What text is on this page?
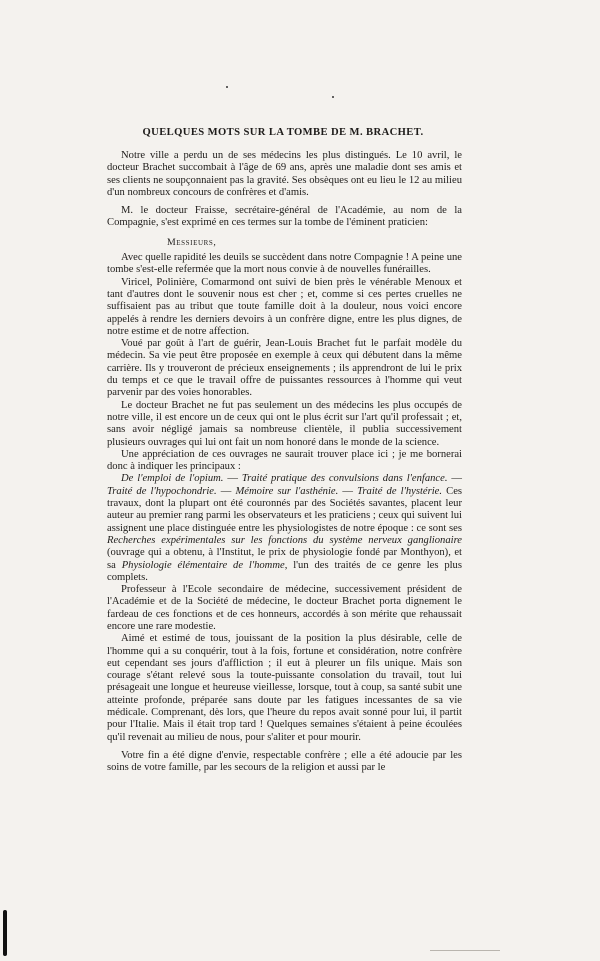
QUELQUES MOTS SUR LA TOMBE DE M. BRACHET.

Notre ville a perdu un de ses médecins les plus distingués. Le 10 avril, le docteur Brachet succombait à l'âge de 69 ans, après une maladie dont ses amis et ses clients ne soupçonnaient pas la gravité. Ses obsèques ont eu lieu le 12 au milieu d'un nombreux concours de confrères et d'amis.

M. le docteur Fraisse, secrétaire-général de l'Académie, au nom de la Compagnie, s'est exprimé en ces termes sur la tombe de l'éminent praticien:

Messieurs,

Avec quelle rapidité les deuils se succèdent dans notre Compagnie ! A peine une tombe s'est-elle refermée que la mort nous convie à de nouvelles funérailles.

Viricel, Polinière, Comarmond ont suivi de bien près le vénérable Menoux et tant d'autres dont le souvenir nous est cher ; et, comme si ces pertes cruelles ne suffisaient pas au tribut que toute famille doit à la douleur, nous voici encore appelés à rendre les derniers devoirs à un confrère digne, entre les plus dignes, de notre estime et de notre affection.

Voué par goût à l'art de guérir, Jean-Louis Brachet fut le parfait modèle du médecin. Sa vie peut être proposée en exemple à ceux qui débutent dans la même carrière. Ils y trouveront de précieux enseignements ; ils apprendront de lui le prix du temps et ce que le travail offre de puissantes ressources à l'homme qui veut parvenir par des voies honorables.

Le docteur Brachet ne fut pas seulement un des médecins les plus occupés de notre ville, il est encore un de ceux qui ont le plus écrit sur l'art qu'il professait ; et, sans avoir négligé jamais sa nombreuse clientèle, il publia successivement plusieurs ouvrages qui lui ont fait un nom honoré dans le monde de la science.

Une appréciation de ces ouvrages ne saurait trouver place ici ; je me bornerai donc à indiquer les principaux :

De l'emploi de l'opium. — Traité pratique des convulsions dans l'enfance. — Traité de l'hypochondrie. — Mémoire sur l'asthénie. — Traité de l'hystérie. Ces travaux, dont la plupart ont été couronnés par des Sociétés savantes, placent leur auteur au premier rang parmi les observateurs et les praticiens ; ceux qui suivent lui assignent une place distinguée entre les physiologistes de notre époque : ce sont ses Recherches expérimentales sur les fonctions du système nerveux ganglionaire (ouvrage qui a obtenu, à l'Institut, le prix de physiologie fondé par Monthyon), et sa Physiologie élémentaire de l'homme, l'un des traités de ce genre les plus complets.

Professeur à l'Ecole secondaire de médecine, successivement président de l'Académie et de la Société de médecine, le docteur Brachet porta dignement le fardeau de ces fonctions et de ces honneurs, accordés à son mérite que rehaussait encore une rare modestie.

Aimé et estimé de tous, jouissant de la position la plus désirable, celle de l'homme qui a su conquérir, tout à la fois, fortune et considération, notre confrère eut cependant ses jours d'affliction ; il eut à pleurer un fils unique. Mais son courage s'étant relevé sous la toute-puissante consolation du travail, tout lui présageait une longue et heureuse vieillesse, lorsque, tout à coup, sa santé subit une atteinte profonde, préparée sans doute par les fatigues incessantes de sa vie médicale. Comprenant, dès lors, que l'heure du repos avait sonné pour lui, il partit pour l'Italie. Mais il était trop tard ! Quelques semaines s'étaient à peine écoulées qu'il revenait au milieu de nous, pour s'aliter et pour mourir.

Votre fin a été digne d'envie, respectable confrère ; elle a été adoucie par les soins de votre famille, par les secours de la religion et aussi par le
